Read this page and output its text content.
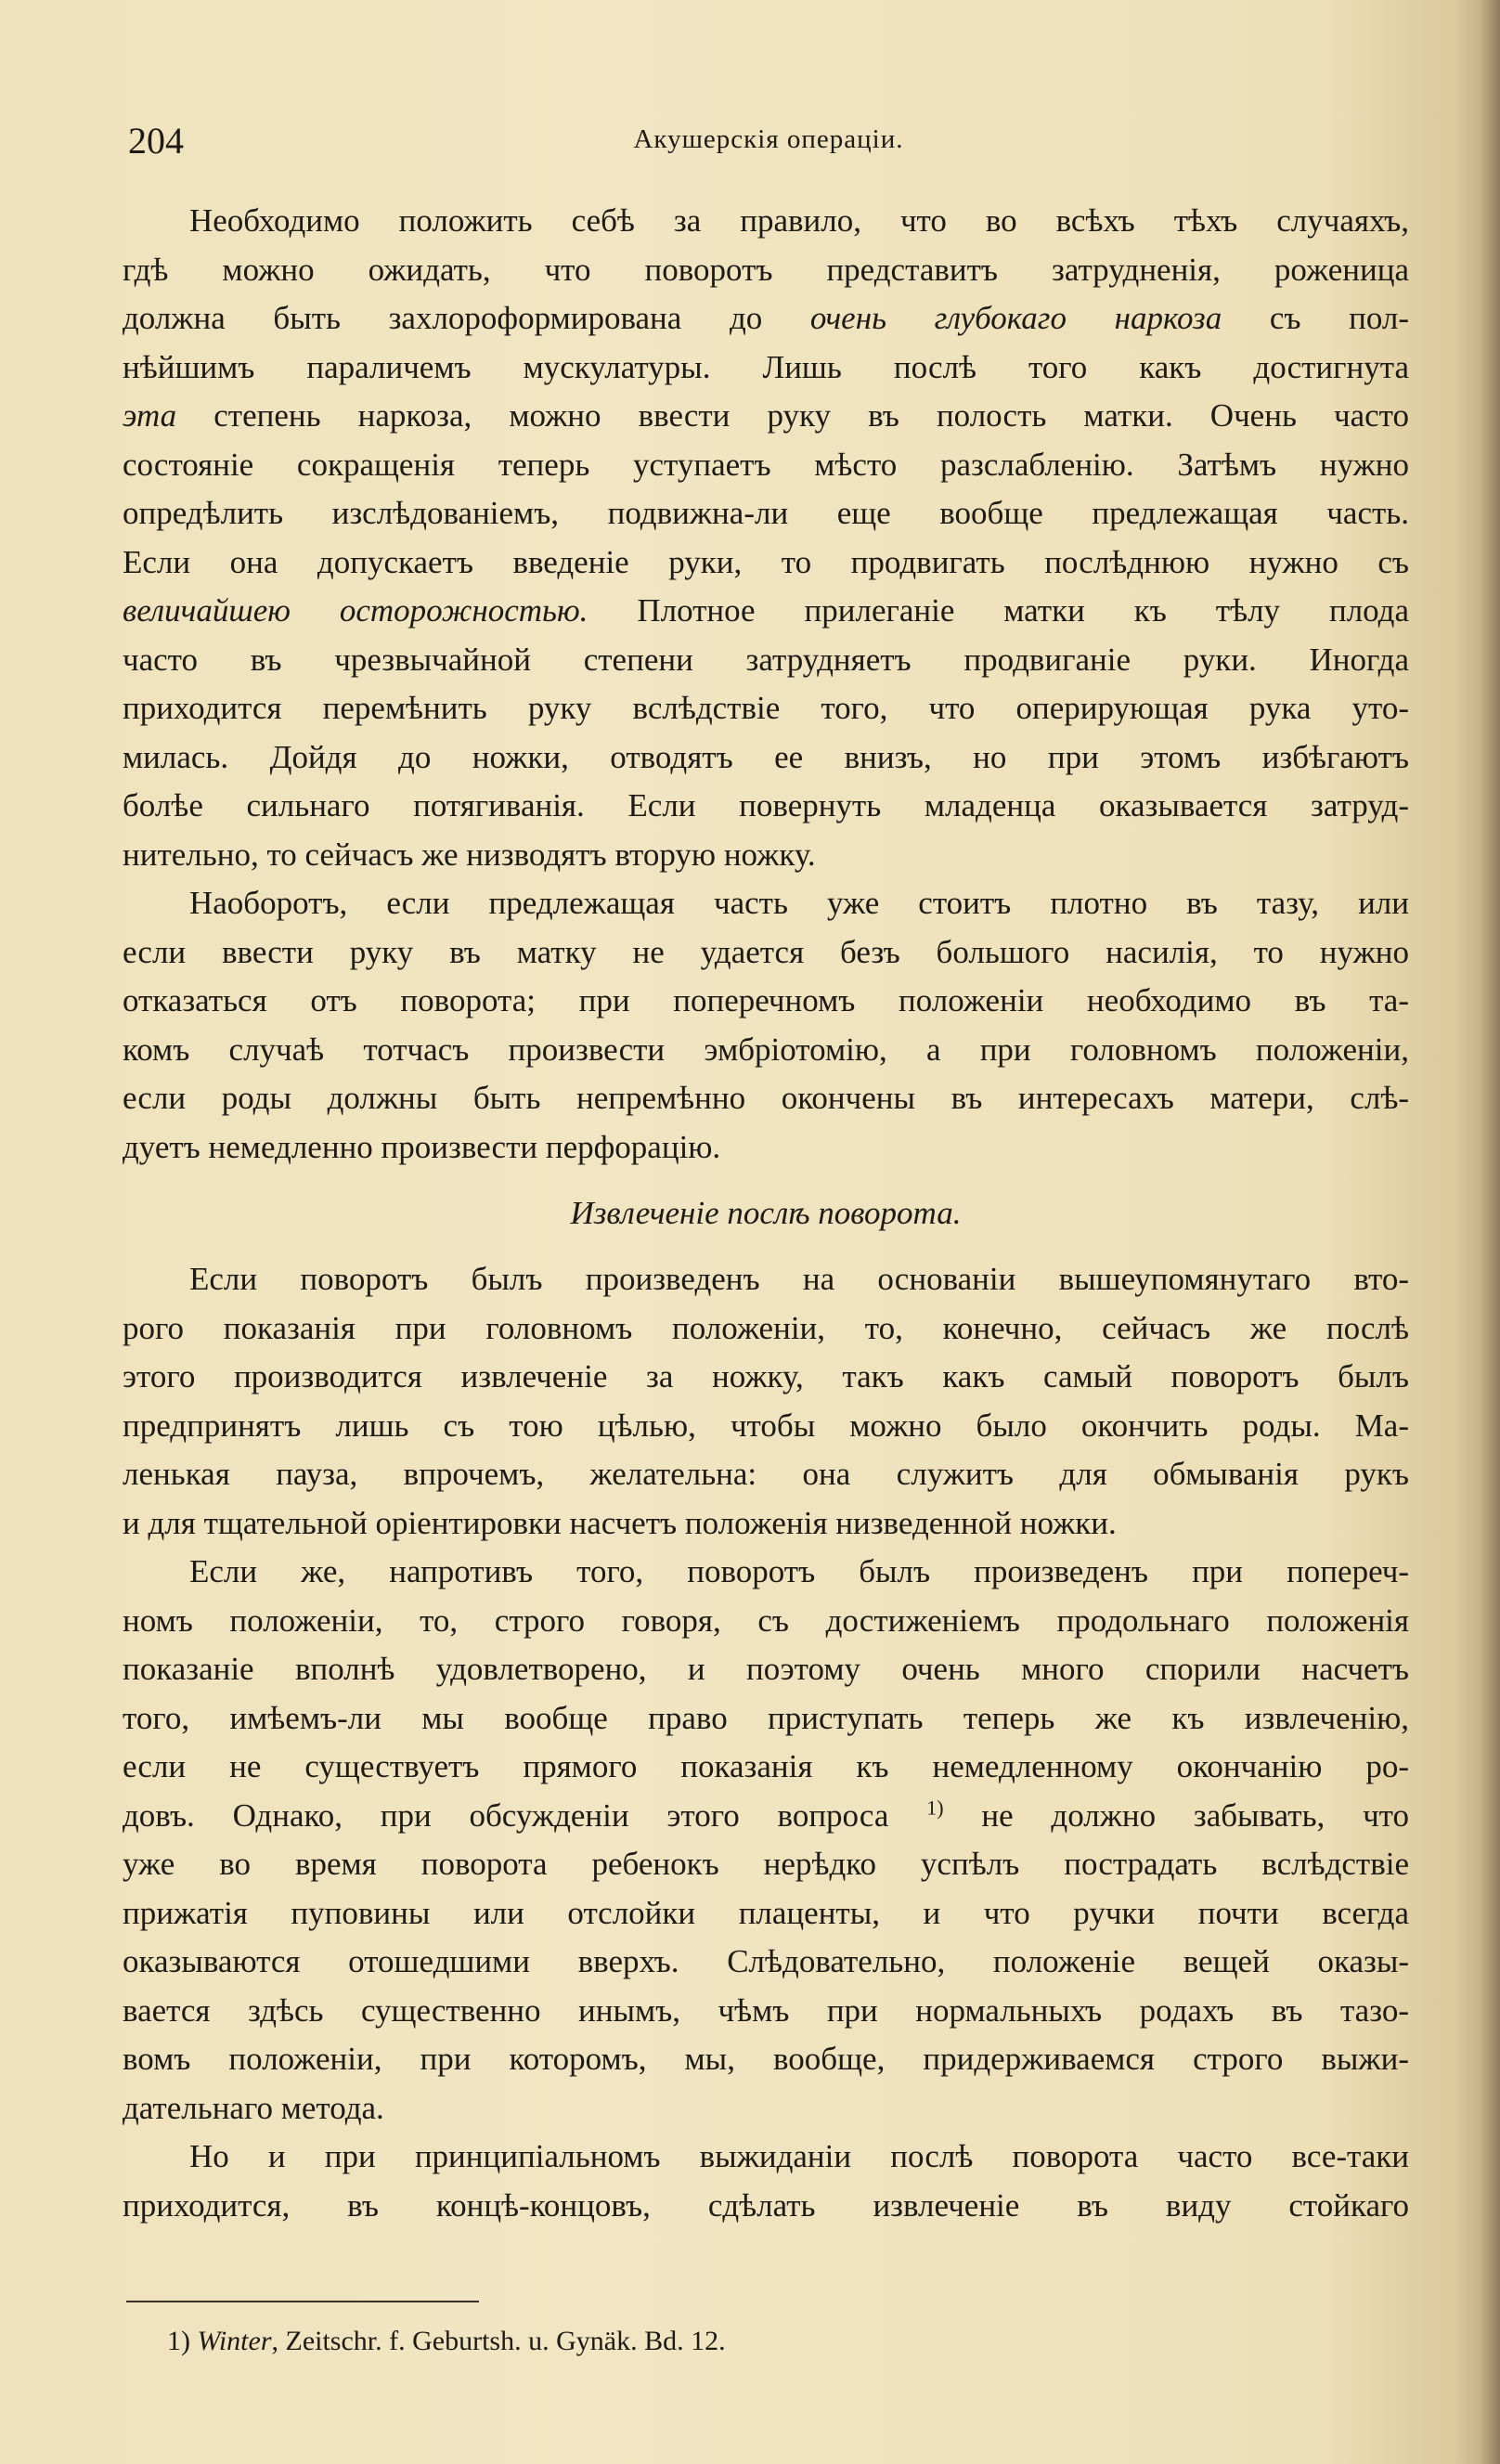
204	Акушерскія операціи.
Необходимо положить себѣ за правило, что во всѣхъ тѣхъ случаяхъ,
гдѣ можно ожидать, что поворотъ представитъ затрудненія, роженица
должна быть захлороформирована до очень глубокаго наркоза съ пол-
нѣйшимъ параличемъ мускулатуры. Лишь послѣ того какъ достигнута
эта степень наркоза, можно ввести руку въ полость матки. Очень часто
состояніе сокращенія теперь уступаетъ мѣсто разслабленію. Затѣмъ нужно
опредѣлить изслѣдованіемъ, подвижна-ли еще вообще предлежащая часть.
Если она допускаетъ введеніе руки, то продвигать послѣднюю нужно съ
величайшею осторожностью. Плотное прилеганіе матки къ тѣлу плода
часто въ чрезвычайной степени затрудняетъ продвиганіе руки. Иногда
приходится перемѣнить руку вслѣдствіе того, что оперирующая рука уто-
милась. Дойдя до ножки, отводятъ ее внизъ, но при этомъ избѣгаютъ
болѣе сильнаго потягиванія. Если повернуть младенца оказывается затруд-
нительно, то сейчасъ же низводятъ вторую ножку.
Наоборотъ, если предлежащая часть уже стоитъ плотно въ тазу, или
если ввести руку въ матку не удается безъ большого насилія, то нужно
отказаться отъ поворота; при поперечномъ положеніи необходимо въ та-
комъ случаѣ тотчасъ произвести эмбріотомію, а при головномъ положеніи,
если роды должны быть непремѣнно окончены въ интересахъ матери, слѣ-
дуетъ немедленно произвести перфорацію.
Извлеченіе послѣ поворота.
Если поворотъ былъ произведенъ на основаніи вышеупомянутаго вто-
рого показанія при головномъ положеніи, то, конечно, сейчасъ же послѣ
этого производится извлеченіе за ножку, такъ какъ самый поворотъ былъ
предпринятъ лишь съ тою цѣлью, чтобы можно было окончить роды. Ма-
ленькая пауза, впрочемъ, желательна: она служитъ для обмыванія рукъ
и для тщательной оріентировки насчетъ положенія низведенной ножки.
Если же, напротивъ того, поворотъ былъ произведенъ при попереч-
номъ положеніи, то, строго говоря, съ достиженіемъ продольнаго положенія
показаніе вполнѣ удовлетворено, и поэтому очень много спорили насчетъ
того, имѣемъ-ли мы вообще право приступать теперь же къ извлеченію,
если не существуетъ прямого показанія къ немедленному окончанію ро-
довъ. Однако, при обсужденіи этого вопроса $^{1)}$ не должно забывать, что
уже во время поворота ребенокъ нерѣдко успѣлъ пострадать вслѣдствіе
прижатія пуповины или отслойки плаценты, и что ручки почти всегда
оказываются отошедшими вверхъ. Слѣдовательно, положеніе вещей оказы-
вается здѣсь существенно инымъ, чѣмъ при нормальныхъ родахъ въ тазо-
вомъ положеніи, при которомъ, мы, вообще, придерживаемся строго выжи-
дательнаго метода.
Но и при принципіальномъ выжиданіи послѣ поворота часто все-таки
приходится, въ концѣ-концовъ, сдѣлать извлеченіе въ виду стойкаго
1) Winter, Zeitschr. f. Geburtsh. u. Gynäk. Bd. 12.
